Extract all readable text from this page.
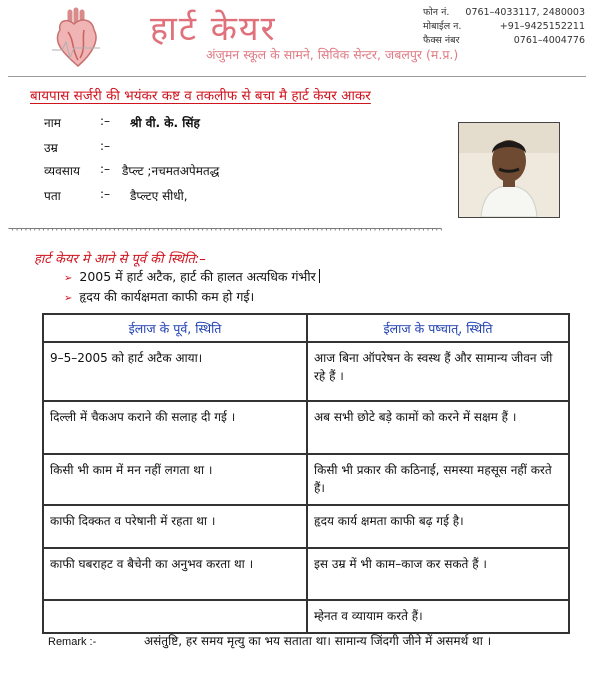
हार्ट केयर
अंजुमन स्कूल के सामने, सिविक सेन्टर, जबलपुर (म.प्र.)
फोन नं.	0761–4033117, 2480003
मोबाईल न.	+91–9425152211
फैक्स नंबर	0761–4004776
बायपास सर्जरी की भयंकर कष्ट व तकलीफ से बचा मै हार्ट केयर आकर
नाम	:– श्री वी. के. सिंह
उम्र	:–
व्यवसाय :– डैप्ल्ट ;नचमतअपेमतद्ध
पता	:– डैप्ल्टए सीधी,
¬¬¬¬¬¬¬¬¬¬¬¬¬¬¬¬¬¬¬¬¬¬¬¬¬¬¬¬¬¬¬¬¬¬¬¬¬¬¬¬¬¬¬¬¬¬¬¬¬¬¬¬¬¬¬¬¬¬¬¬¬¬¬¬¬¬¬¬¬¬¬¬¬¬¬¬¬¬¬¬¬¬¬¬¬¬¬¬¬¬¬¬¬¬¬¬¬¬
हार्ट केयर मे आने से पूर्व की स्थिति:–
➢ 2005 में हार्ट अटैक, हार्ट की हालत अत्यधिक गंभीर
➢ हृदय की कार्यक्षमता काफी कम हो गई।
ईलाज के पूर्व, स्थिति	ईलाज के पष्चात्, स्थिति
9–5–2005 को हार्ट अटैक आया।	आज बिना ऑपरेषन के स्वस्थ हैं और सामान्य जीवन जी रहे हैं ।
दिल्ली में चैकअप कराने की सलाह दी गई ।	अब सभी छोटे बड़े कामों को करने में सक्षम हैं ।
किसी भी काम में मन नहीं लगता था ।	किसी भी प्रकार की कठिनाई, समस्या महसूस नहीं करते हैं।
काफी दिक्कत व परेषानी में रहता था ।	हृदय कार्य क्षमता काफी बढ़ गई है।
काफी घबराहट व बैचेनी का अनुभव करता था ।	इस उम्र में भी काम–काज कर सकते हैं ।
	म्हेनत व व्यायाम करते हैं।
Remark :-	असंतुष्टि, हर समय मृत्यु का भय सताता था। सामान्य जिंदगी जीने में असमर्थ था ।
